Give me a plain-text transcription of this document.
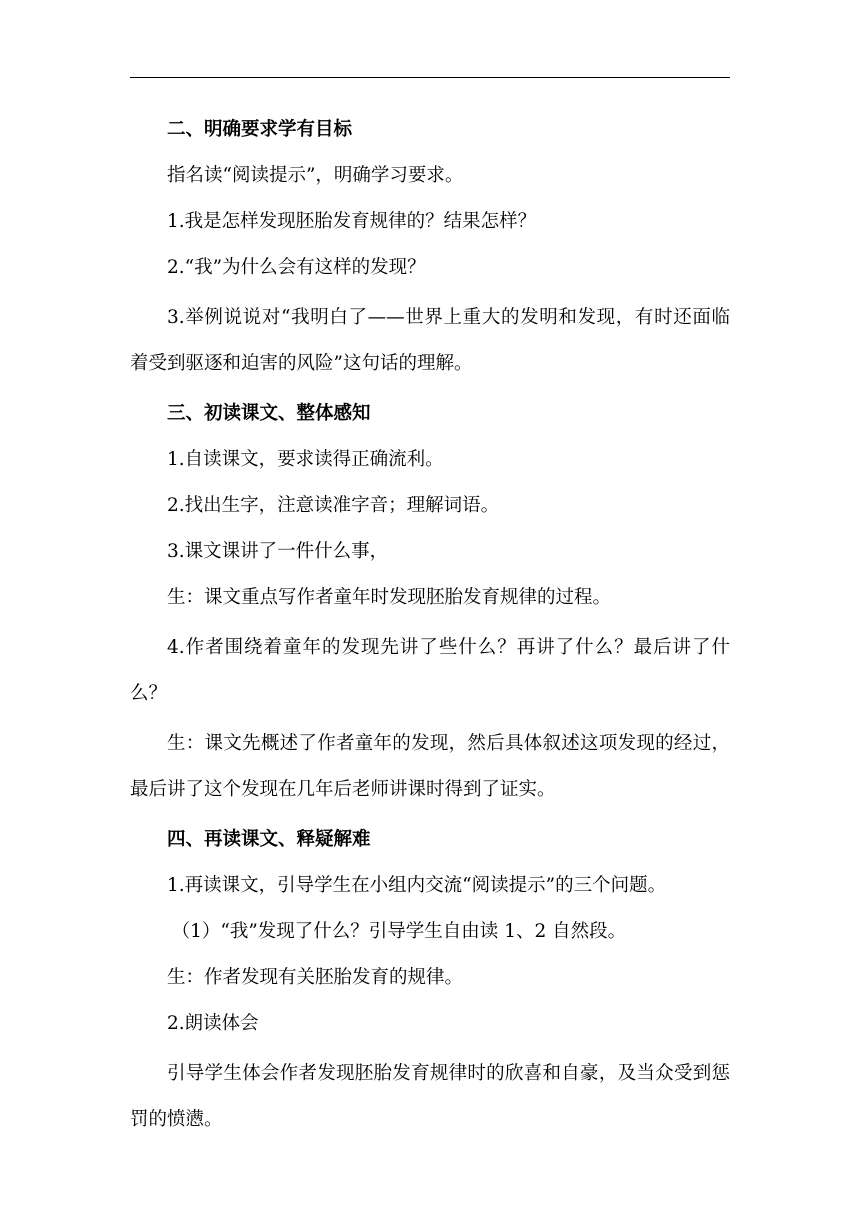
二、明确要求学有目标

指名读“阅读提示”，明确学习要求。

1.我是怎样发现胚胎发育规律的？结果怎样？

2.“我”为什么会有这样的发现？

3.举例说说对“我明白了——世界上重大的发明和发现，有时还面临着受到驱逐和迫害的风险”这句话的理解。

三、初读课文、整体感知

1.自读课文，要求读得正确流利。

2.找出生字，注意读准字音；理解词语。

3.课文课讲了一件什么事，

生：课文重点写作者童年时发现胚胎发育规律的过程。

4.作者围绕着童年的发现先讲了些什么？再讲了什么？最后讲了什么？

生：课文先概述了作者童年的发现，然后具体叙述这项发现的经过，最后讲了这个发现在几年后老师讲课时得到了证实。

四、再读课文、释疑解难

1.再读课文，引导学生在小组内交流“阅读提示”的三个问题。

（1）“我”发现了什么？引导学生自由读 1、2 自然段。

生：作者发现有关胚胎发育的规律。

2.朗读体会

引导学生体会作者发现胚胎发育规律时的欣喜和自豪，及当众受到惩罚的愤懑。
